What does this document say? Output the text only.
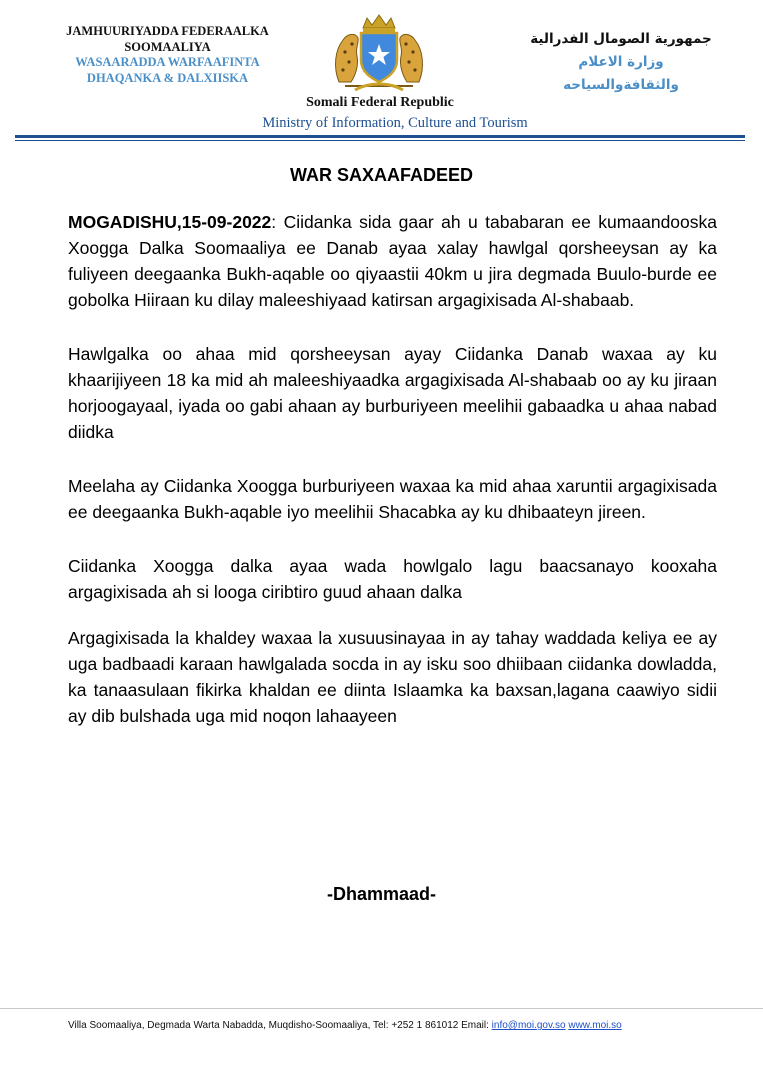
JAMHUURIYADDA FEDERAALKA
SOOMAALIYA
WASAARADDA WARFAAFINTA
DHAQANKA & DALXIISKA
Somali Federal Republic
Ministry of Information, Culture and Tourism
جمهورية الصومال الفدرالية
وزارة الاعلام
والثقافةوالسياحه
WAR SAXAAFADEED

MOGADISHU,15-09-2022: Ciidanka sida gaar ah u tababaran ee kumaandooska Xoogga Dalka Soomaaliya ee Danab ayaa xalay hawlgal qorsheeysan ay ka fuliyeen deegaanka Bukh-aqable oo qiyaastii 40km u jira degmada Buulo-burde ee gobolka Hiiraan ku dilay maleeshiyaad katirsan argagixisada Al-shabaab.

Hawlgalka oo ahaa mid qorsheeysan ayay Ciidanka Danab waxaa ay ku khaarijiyeen 18 ka mid ah maleeshiyaadka argagixisada Al-shabaab oo ay ku jiraan horjoogayaal, iyada oo gabi ahaan ay burburiyeen meelihii gabaadka u ahaa nabad diidka

Meelaha ay Ciidanka Xoogga burburiyeen waxaa ka mid ahaa xaruntii argagixisada ee deegaanka Bukh-aqable iyo meelihii Shacabka ay ku dhibaateyn jireen.

Ciidanka Xoogga dalka ayaa wada howlgalo lagu baacsanayo kooxaha argagixisada ah si looga ciribtiro guud ahaan dalka

Argagixisada la khaldey waxaa la xusuusinayaa in ay tahay waddada keliya ee ay uga badbaadi karaan hawlgalada socda in ay isku soo dhiibaan ciidanka dowladda, ka tanaasulaan fikirka khaldan ee diinta Islaamka ka baxsan,lagana caawiyo sidii ay dib bulshada uga mid noqon lahaayeen

-Dhammaad-
Villa Soomaaliya, Degmada Warta Nabadda, Muqdisho-Soomaaliya, Tel: +252 1 861012 Email: info@moi.gov.so www.moi.so
